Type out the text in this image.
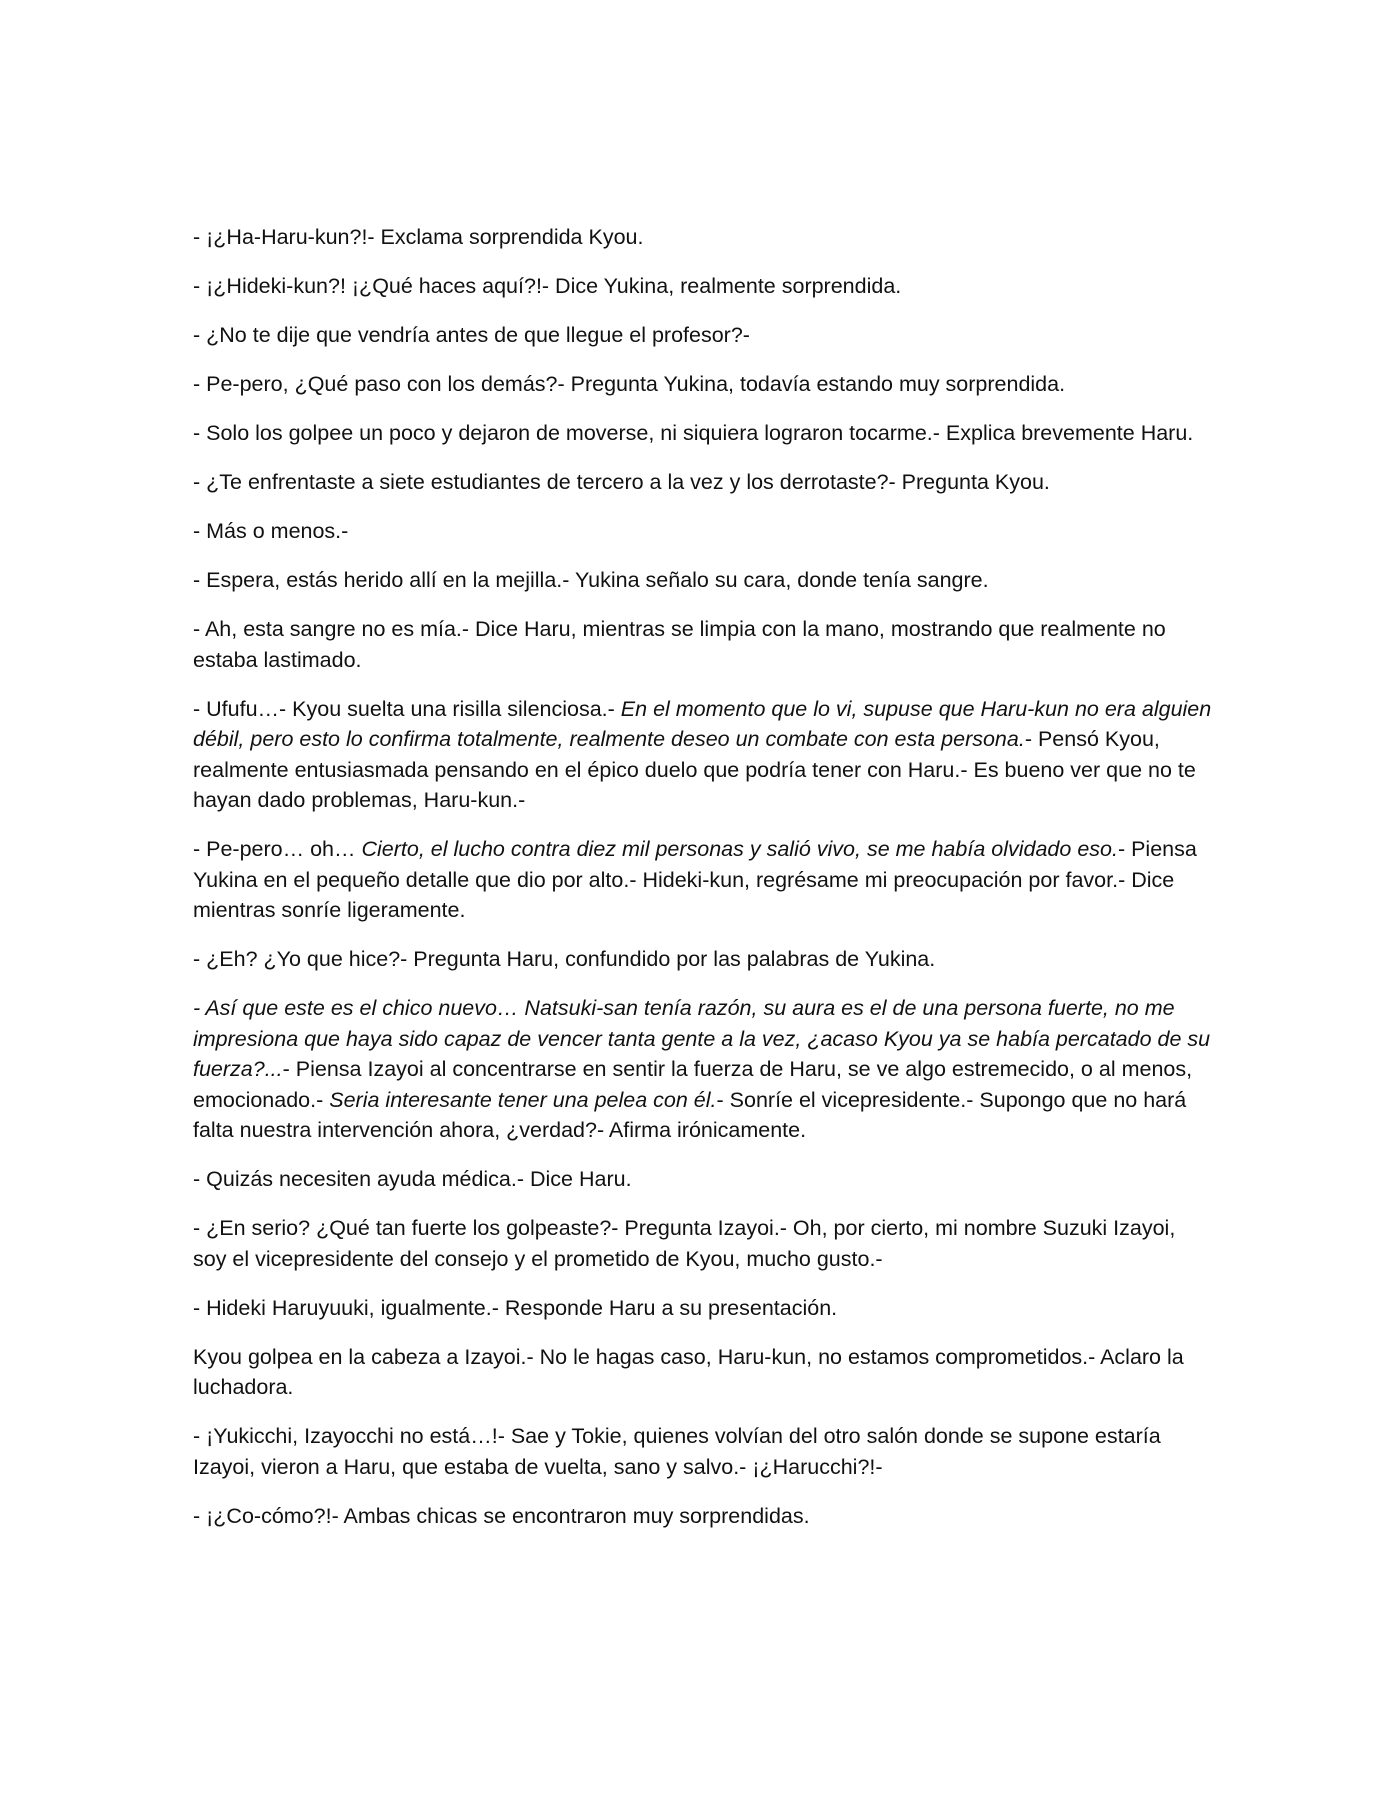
- ¡¿Ha-Haru-kun?!- Exclama sorprendida Kyou.

- ¡¿Hideki-kun?! ¡¿Qué haces aquí?!- Dice Yukina, realmente sorprendida.

- ¿No te dije que vendría antes de que llegue el profesor?-

- Pe-pero, ¿Qué paso con los demás?- Pregunta Yukina, todavía estando muy sorprendida.

- Solo los golpee un poco y dejaron de moverse, ni siquiera lograron tocarme.- Explica brevemente Haru.

- ¿Te enfrentaste a siete estudiantes de tercero a la vez y los derrotaste?- Pregunta Kyou.

- Más o menos.-

- Espera, estás herido allí en la mejilla.- Yukina señalo su cara, donde tenía sangre.

- Ah, esta sangre no es mía.- Dice Haru, mientras se limpia con la mano, mostrando que realmente no estaba lastimado.

- Ufufu…- Kyou suelta una risilla silenciosa.- En el momento que lo vi, supuse que Haru-kun no era alguien débil, pero esto lo confirma totalmente, realmente deseo un combate con esta persona.- Pensó Kyou, realmente entusiasmada pensando en el épico duelo que podría tener con Haru.- Es bueno ver que no te hayan dado problemas, Haru-kun.-

- Pe-pero… oh… Cierto, el lucho contra diez mil personas y salió vivo, se me había olvidado eso.- Piensa Yukina en el pequeño detalle que dio por alto.- Hideki-kun, regrésame mi preocupación por favor.- Dice mientras sonríe ligeramente.

- ¿Eh? ¿Yo que hice?- Pregunta Haru, confundido por las palabras de Yukina.

- Así que este es el chico nuevo… Natsuki-san tenía razón, su aura es el de una persona fuerte, no me impresiona que haya sido capaz de vencer tanta gente a la vez, ¿acaso Kyou ya se había percatado de su fuerza?...- Piensa Izayoi al concentrarse en sentir la fuerza de Haru, se ve algo estremecido, o al menos, emocionado.- Seria interesante tener una pelea con él.- Sonríe el vicepresidente.- Supongo que no hará falta nuestra intervención ahora, ¿verdad?- Afirma irónicamente.

- Quizás necesiten ayuda médica.- Dice Haru.

- ¿En serio? ¿Qué tan fuerte los golpeaste?- Pregunta Izayoi.- Oh, por cierto, mi nombre Suzuki Izayoi, soy el vicepresidente del consejo y el prometido de Kyou, mucho gusto.-

- Hideki Haruyuuki, igualmente.- Responde Haru a su presentación.

Kyou golpea en la cabeza a Izayoi.- No le hagas caso, Haru-kun, no estamos comprometidos.- Aclaro la luchadora.

- ¡Yukicchi, Izayocchi no está…!- Sae y Tokie, quienes volvían del otro salón donde se supone estaría Izayoi, vieron a Haru, que estaba de vuelta, sano y salvo.- ¡¿Harucchi?!-

- ¡¿Co-cómo?!- Ambas chicas se encontraron muy sorprendidas.
